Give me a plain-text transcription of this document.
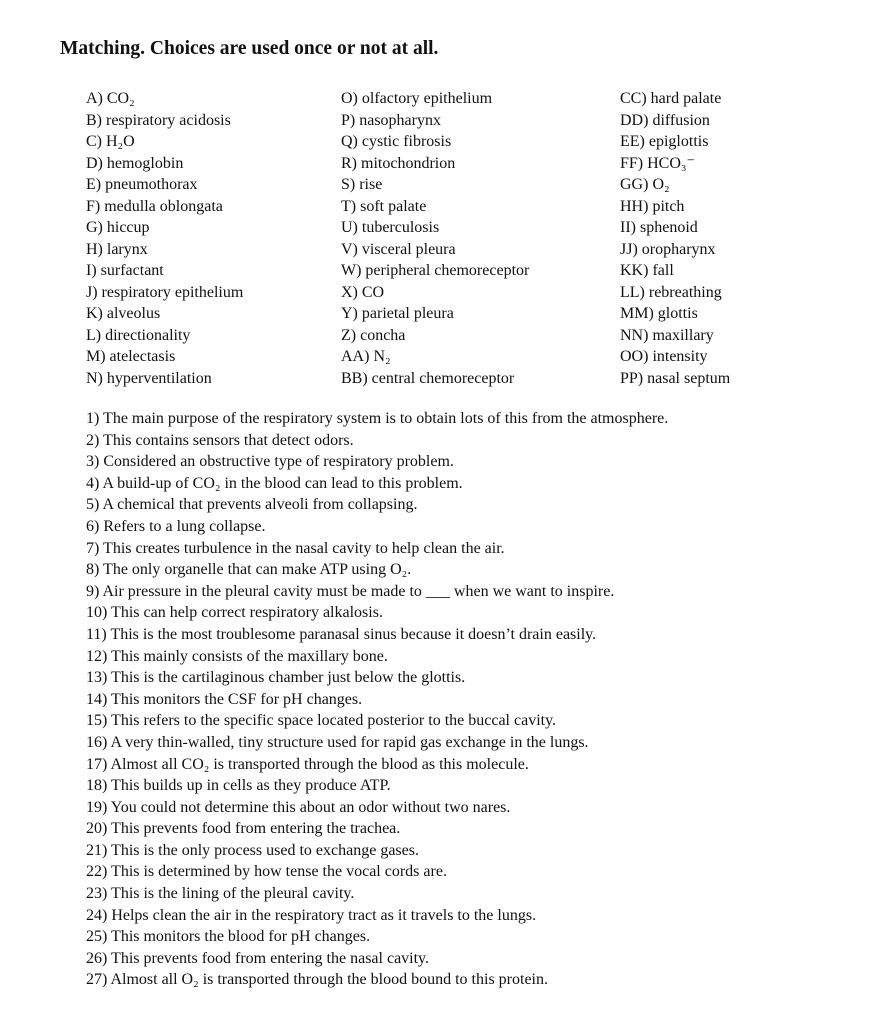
Matching. Choices are used once or not at all.
A) CO₂
B) respiratory acidosis
C) H₂O
D) hemoglobin
E) pneumothorax
F) medulla oblongata
G) hiccup
H) larynx
I) surfactant
J) respiratory epithelium
K) alveolus
L) directionality
M) atelectasis
N) hyperventilation
O) olfactory epithelium
P) nasopharynx
Q) cystic fibrosis
R) mitochondrion
S) rise
T) soft palate
U) tuberculosis
V) visceral pleura
W) peripheral chemoreceptor
X) CO
Y) parietal pleura
Z) concha
AA) N₂
BB) central chemoreceptor
CC) hard palate
DD) diffusion
EE) epiglottis
FF) HCO₃⁻
GG) O₂
HH) pitch
II) sphenoid
JJ) oropharynx
KK) fall
LL) rebreathing
MM) glottis
NN) maxillary
OO) intensity
PP) nasal septum
1) The main purpose of the respiratory system is to obtain lots of this from the atmosphere.
2) This contains sensors that detect odors.
3) Considered an obstructive type of respiratory problem.
4) A build-up of CO₂ in the blood can lead to this problem.
5) A chemical that prevents alveoli from collapsing.
6) Refers to a lung collapse.
7) This creates turbulence in the nasal cavity to help clean the air.
8) The only organelle that can make ATP using O₂.
9) Air pressure in the pleural cavity must be made to ___ when we want to inspire.
10) This can help correct respiratory alkalosis.
11) This is the most troublesome paranasal sinus because it doesn’t drain easily.
12) This mainly consists of the maxillary bone.
13) This is the cartilaginous chamber just below the glottis.
14) This monitors the CSF for pH changes.
15) This refers to the specific space located posterior to the buccal cavity.
16) A very thin-walled, tiny structure used for rapid gas exchange in the lungs.
17) Almost all CO₂ is transported through the blood as this molecule.
18) This builds up in cells as they produce ATP.
19) You could not determine this about an odor without two nares.
20) This prevents food from entering the trachea.
21) This is the only process used to exchange gases.
22) This is determined by how tense the vocal cords are.
23) This is the lining of the pleural cavity.
24) Helps clean the air in the respiratory tract as it travels to the lungs.
25) This monitors the blood for pH changes.
26) This prevents food from entering the nasal cavity.
27) Almost all O₂ is transported through the blood bound to this protein.
